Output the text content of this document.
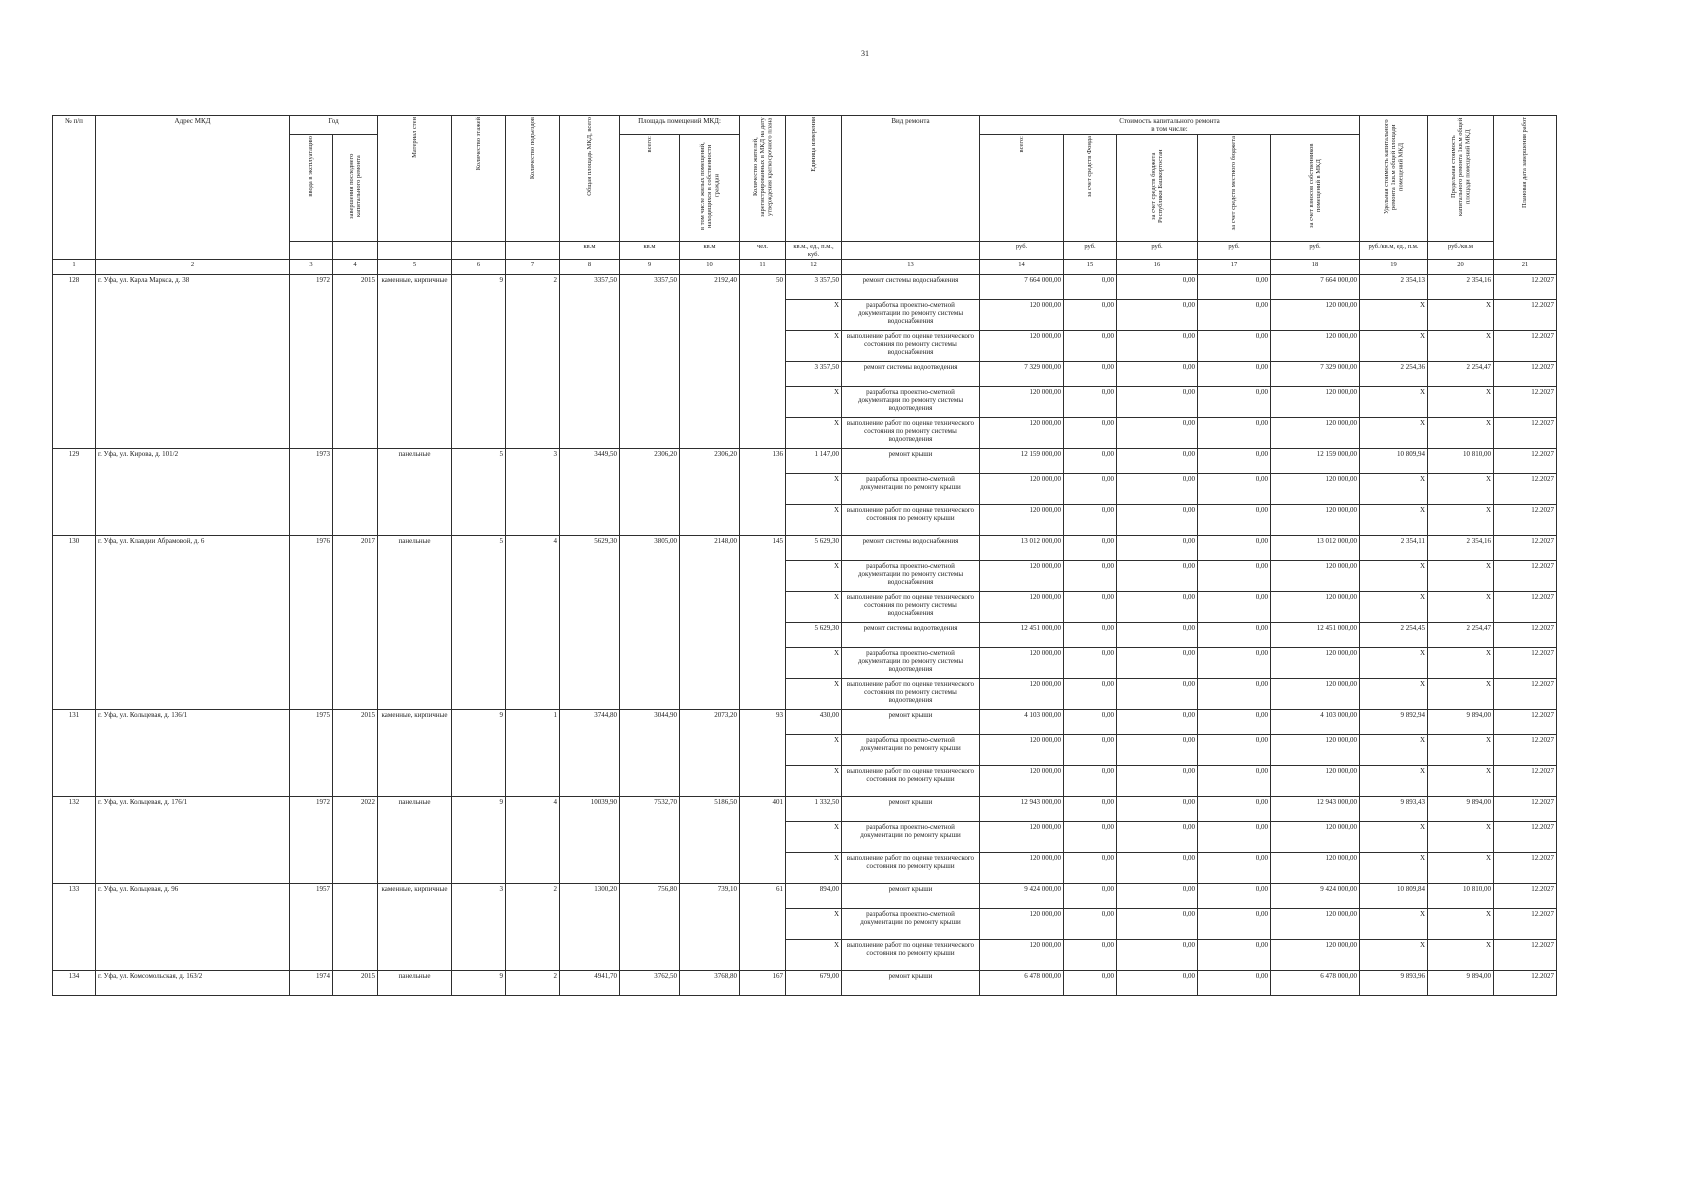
31
№ п/п	Адрес МКД	Год		Материал стен	Количество этажей	Количество подъездов	Общая площадь МКД, всего	Площадь помещений МКД:		Количество жителей, зарегистрированных в МКД на дату утверждения краткосрочного плана	Единица измерения	Вид ремонта	Стоимость капитального ремонта
в том числе:					Удельная стоимость капитального ремонта 1кв.м общей площади помещений МКД	Предельная стоимость капитального ремонта 1кв.м общей площади помещений МКД	Плановая дата завершения работ
		ввода в эксплуатацию	завершения последнего капитального ремонта					всего:	в том числе жилых помещений, находящихся в собственности граждан				всего:	за счет средств Фонда	за счет средств бюджета Республики Башкортостан	за счет средств местного бюджета	за счет взносов собственников помещений в МКД			
							кв.м	кв.м	кв.м	чел.	кв.м., ед., п.м., куб.		руб.	руб.	руб.	руб.	руб.	руб./кв.м, ед., п.м.	руб./кв.м	
1	2	3	4	5	6	7	8	9	10	11	12	13	14	15	16	17	18	19	20	21
128	г. Уфа, ул. Карла Маркса, д. 38	1972	2015	каменные, кирпичные	9	2	3357,50	3357,50	2192,40	50	3 357,50	ремонт системы водоснабжения	7 664 000,00	0,00	0,00	0,00	7 664 000,00	2 354,13	2 354,16	12.2027
											X	разработка проектно-сметной документации по ремонту системы водоснабжения	120 000,00	0,00	0,00	0,00	120 000,00	X	X	12.2027
											X	выполнение работ по оценке технического состояния по ремонту системы водоснабжения	120 000,00	0,00	0,00	0,00	120 000,00	X	X	12.2027
											3 357,50	ремонт системы водоотведения	7 329 000,00	0,00	0,00	0,00	7 329 000,00	2 254,36	2 254,47	12.2027
											X	разработка проектно-сметной документации по ремонту системы водоотведения	120 000,00	0,00	0,00	0,00	120 000,00	X	X	12.2027
											X	выполнение работ по оценке технического состояния по ремонту системы водоотведения	120 000,00	0,00	0,00	0,00	120 000,00	X	X	12.2027
129	г. Уфа, ул. Кирова, д. 101/2	1973		панельные	5	3	3449,50	2306,20	2306,20	136	1 147,00	ремонт крыши	12 159 000,00	0,00	0,00	0,00	12 159 000,00	10 809,94	10 810,00	12.2027
											X	разработка проектно-сметной документации по ремонту крыши	120 000,00	0,00	0,00	0,00	120 000,00	X	X	12.2027
											X	выполнение работ по оценке технического состояния по ремонту крыши	120 000,00	0,00	0,00	0,00	120 000,00	X	X	12.2027
130	г. Уфа, ул. Клавдии Абрамовой, д. 6	1976	2017	панельные	5	4	5629,30	3805,00	2148,00	145	5 629,30	ремонт системы водоснабжения	13 012 000,00	0,00	0,00	0,00	13 012 000,00	2 354,11	2 354,16	12.2027
											X	разработка проектно-сметной документации по ремонту системы водоснабжения	120 000,00	0,00	0,00	0,00	120 000,00	X	X	12.2027
											X	выполнение работ по оценке технического состояния по ремонту системы водоснабжения	120 000,00	0,00	0,00	0,00	120 000,00	X	X	12.2027
											5 629,30	ремонт системы водоотведения	12 451 000,00	0,00	0,00	0,00	12 451 000,00	2 254,45	2 254,47	12.2027
											X	разработка проектно-сметной документации по ремонту системы водоотведения	120 000,00	0,00	0,00	0,00	120 000,00	X	X	12.2027
											X	выполнение работ по оценке технического состояния по ремонту системы водоотведения	120 000,00	0,00	0,00	0,00	120 000,00	X	X	12.2027
131	г. Уфа, ул. Кольцевая, д. 136/1	1975	2015	каменные, кирпичные	9	1	3744,80	3044,90	2073,20	93	430,00	ремонт крыши	4 103 000,00	0,00	0,00	0,00	4 103 000,00	9 892,94	9 894,00	12.2027
											X	разработка проектно-сметной документации по ремонту крыши	120 000,00	0,00	0,00	0,00	120 000,00	X	X	12.2027
											X	выполнение работ по оценке технического состояния по ремонту крыши	120 000,00	0,00	0,00	0,00	120 000,00	X	X	12.2027
132	г. Уфа, ул. Кольцевая, д. 176/1	1972	2022	панельные	9	4	10039,90	7532,70	5186,50	401	1 332,50	ремонт крыши	12 943 000,00	0,00	0,00	0,00	12 943 000,00	9 893,43	9 894,00	12.2027
											X	разработка проектно-сметной документации по ремонту крыши	120 000,00	0,00	0,00	0,00	120 000,00	X	X	12.2027
											X	выполнение работ по оценке технического состояния по ремонту крыши	120 000,00	0,00	0,00	0,00	120 000,00	X	X	12.2027
133	г. Уфа, ул. Кольцевая, д. 96	1957		каменные, кирпичные	3	2	1300,20	756,80	739,10	61	894,00	ремонт крыши	9 424 000,00	0,00	0,00	0,00	9 424 000,00	10 809,84	10 810,00	12.2027
											X	разработка проектно-сметной документации по ремонту крыши	120 000,00	0,00	0,00	0,00	120 000,00	X	X	12.2027
											X	выполнение работ по оценке технического состояния по ремонту крыши	120 000,00	0,00	0,00	0,00	120 000,00	X	X	12.2027
134	г. Уфа, ул. Комсомольская, д. 163/2	1974	2015	панельные	9	2	4941,70	3762,50	3768,80	167	679,00	ремонт крыши	6 478 000,00	0,00	0,00	0,00	6 478 000,00	9 893,96	9 894,00	12.2027
